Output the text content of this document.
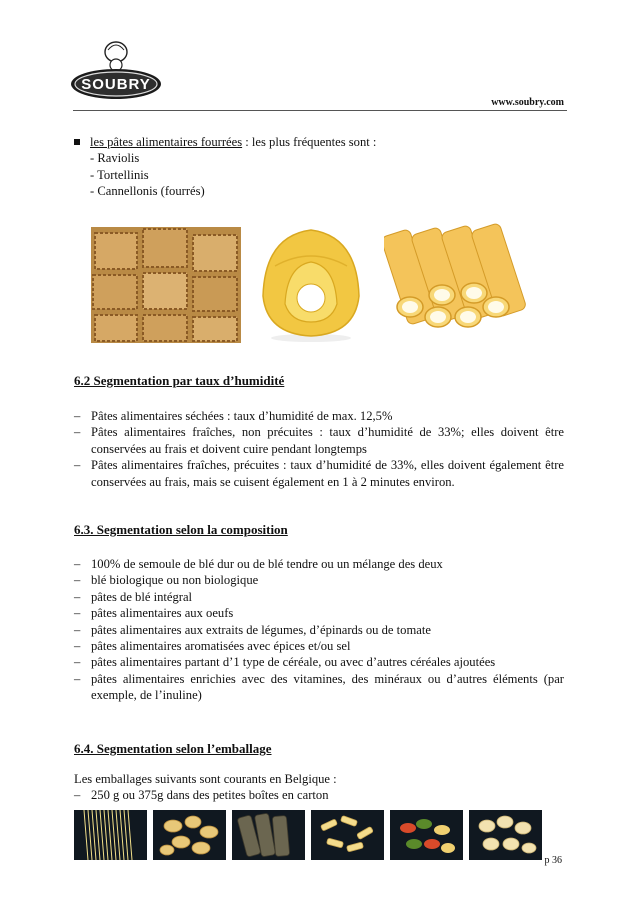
SOUBRY
www.soubry.com
les pâtes alimentaires fourrées : les plus fréquentes sont :
- Raviolis
- Tortellinis
- Cannellonis (fourrés)
6.2 Segmentation par taux d’humidité
– Pâtes alimentaires séchées : taux d’humidité de max. 12,5%
– Pâtes alimentaires fraîches, non précuites : taux d’humidité de 33%; elles doivent être conservées au frais et doivent cuire pendant longtemps
– Pâtes alimentaires fraîches, précuites : taux d’humidité de 33%, elles doivent également être conservées au frais, mais se cuisent également en 1 à 2 minutes environ.
6.3. Segmentation selon la composition
– 100% de semoule de blé dur ou de blé tendre ou un mélange des deux
– blé biologique ou non biologique
– pâtes de blé intégral
– pâtes alimentaires aux oeufs
– pâtes alimentaires aux extraits de légumes, d’épinards ou de tomate
– pâtes alimentaires aromatisées avec épices et/ou sel
– pâtes alimentaires partant d’1 type de céréale, ou avec d’autres céréales ajoutées
– pâtes alimentaires enrichies avec des vitamines, des minéraux ou d’autres éléments (par exemple, de l’inuline)
6.4. Segmentation selon l’emballage
Les emballages suivants sont courants en Belgique :
– 250 g ou 375g dans des petites boîtes en carton
p 36
